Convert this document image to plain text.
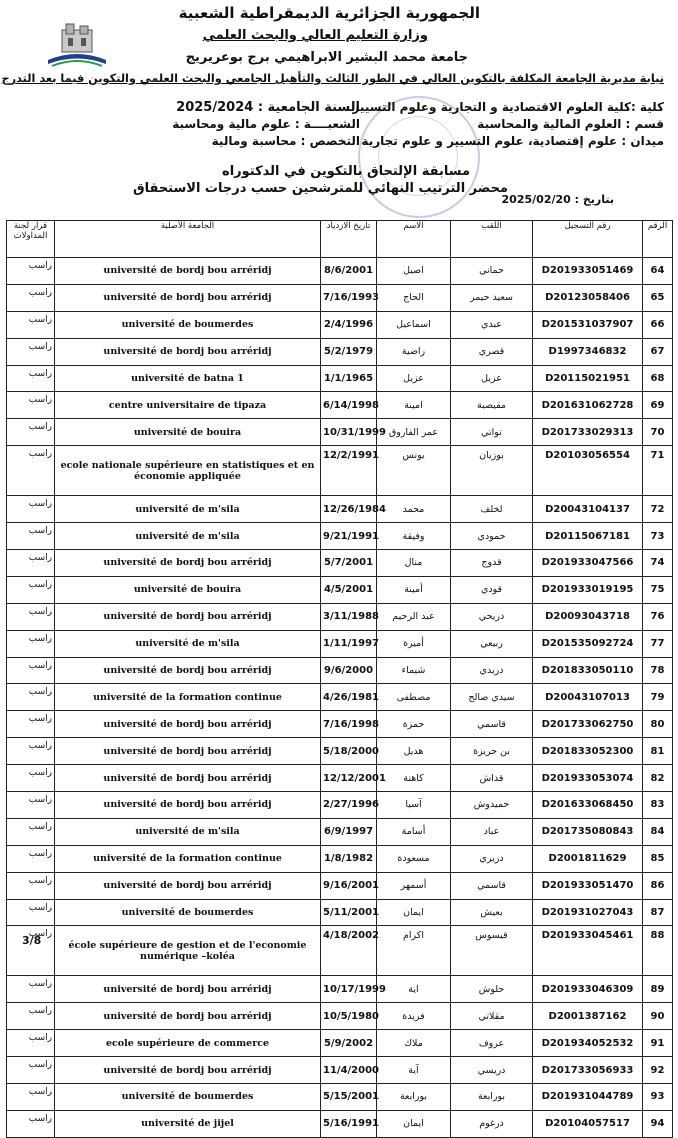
الجمهورية الجزائرية الديمقراطية الشعبية
وزارة التعليم العالي والبحث العلمي
جامعة محمد البشير الابراهيمي برج بوعريريج
نيابة مديرية الجامعة المكلفة بالتكوين العالي في الطور الثالث والتأهيل الجامعي والبحث العلمي والتكوين فيما بعد التدرج
كلية :كلية العلوم الاقتصادية و التجارية وعلوم التسيير
السنة الجامعية : 2025/2024
قسم : العلوم المالية والمحاسبة
الشعبــــة : علوم مالية ومحاسبة
ميدان : علوم إقتصادية، علوم التسيير و علوم تجارية
التخصص : محاسبة ومالية
مسابقة الإلتحاق بالتكوين في الدكتوراه
محضر الترتيب النهائي للمترشحين حسب درجات الاستحقاق
بتاريخ : 2025/02/20
الرقم	رقم التسجيل	اللقب	الاسم	تاريخ الازدياد	الجامعة الأصلية	قرار لجنة المداولات
64	D201933051469	حماني	اصيل	8/6/2001	université de bordj bou arréridj	راسب
65	D20123058406	سعيد حيمر	الحاج	7/16/1993	université de bordj bou arréridj	راسب
66	D201531037907	عبدي	اسماعيل	2/4/1996	université de boumerdes	راسب
67	D1997346832	قصري	راضية	5/2/1979	université de bordj bou arréridj	راسب
68	D20115021951	عزيل	عزيل	1/1/1965	université de batna 1	راسب
69	D201631062728	مقيصبة	امينة	6/14/1998	centre universitaire de tipaza	راسب
70	D201733029313	تواتي	عمر الفاروق	10/31/1999	université de bouira	راسب
71	D20103056554	بوزيان	يونس	12/2/1991	ecole nationale supérieure en statistiques et en économie appliquée	راسب
72	D20043104137	لخلف	محمد	12/26/1984	université de m'sila	راسب
73	D20115067181	حمودي	وفيقة	9/21/1991	université de m'sila	راسب
74	D201933047566	قدوج	منال	5/7/2001	université de bordj bou arréridj	راسب
75	D201933019195	قودي	أمينة	4/5/2001	université de bouira	راسب
76	D20093043718	دريحي	عبد الرحيم	3/11/1988	université de bordj bou arréridj	راسب
77	D201535092724	ربيعي	أميرة	1/11/1997	université de m'sila	راسب
78	D201833050110	دريدي	شيماء	9/6/2000	université de bordj bou arréridj	راسب
79	D20043107013	سيدي صالح	مصطفى	4/26/1981	université de la formation continue	راسب
80	D201733062750	قاسمي	حمزة	7/16/1998	université de bordj bou arréridj	راسب
81	D201833052300	بن حريزة	هديل	5/18/2000	université de bordj bou arréridj	راسب
82	D201933053074	قداش	كاهنة	12/12/2001	université de bordj bou arréridj	راسب
83	D201633068450	حميدوش	آسيا	2/27/1996	université de bordj bou arréridj	راسب
84	D201735080843	عباد	أسامة	6/9/1997	université de m'sila	راسب
85	D2001811629	دزيري	مسعودة	1/8/1982	université de la formation continue	راسب
86	D201933051470	قاسمي	أسمهر	9/16/2001	université de bordj bou arréridj	راسب
87	D201931027043	بعيش	ايمان	5/11/2001	université de boumerdes	راسب
88	D201933045461	قيسوس	اكرام	4/18/2002	école supérieure de gestion et de l'economie numérique –koléa	راسب
89	D201933046309	حلوش	اية	10/17/1999	université de bordj bou arréridj	راسب
90	D2001387162	مقلاتي	فريدة	10/5/1980	université de bordj bou arréridj	راسب
91	D201934052532	عروف	ملاك	5/9/2002	ecole supérieure de commerce	راسب
92	D201733056933	دريسي	آية	11/4/2000	université de bordj bou arréridj	راسب
93	D201931044789	بورابعة	بورابعة	5/15/2001	université de boumerdes	راسب
94	D20104057517	درغوم	ايمان	5/16/1991	université de jijel	راسب
3/8
